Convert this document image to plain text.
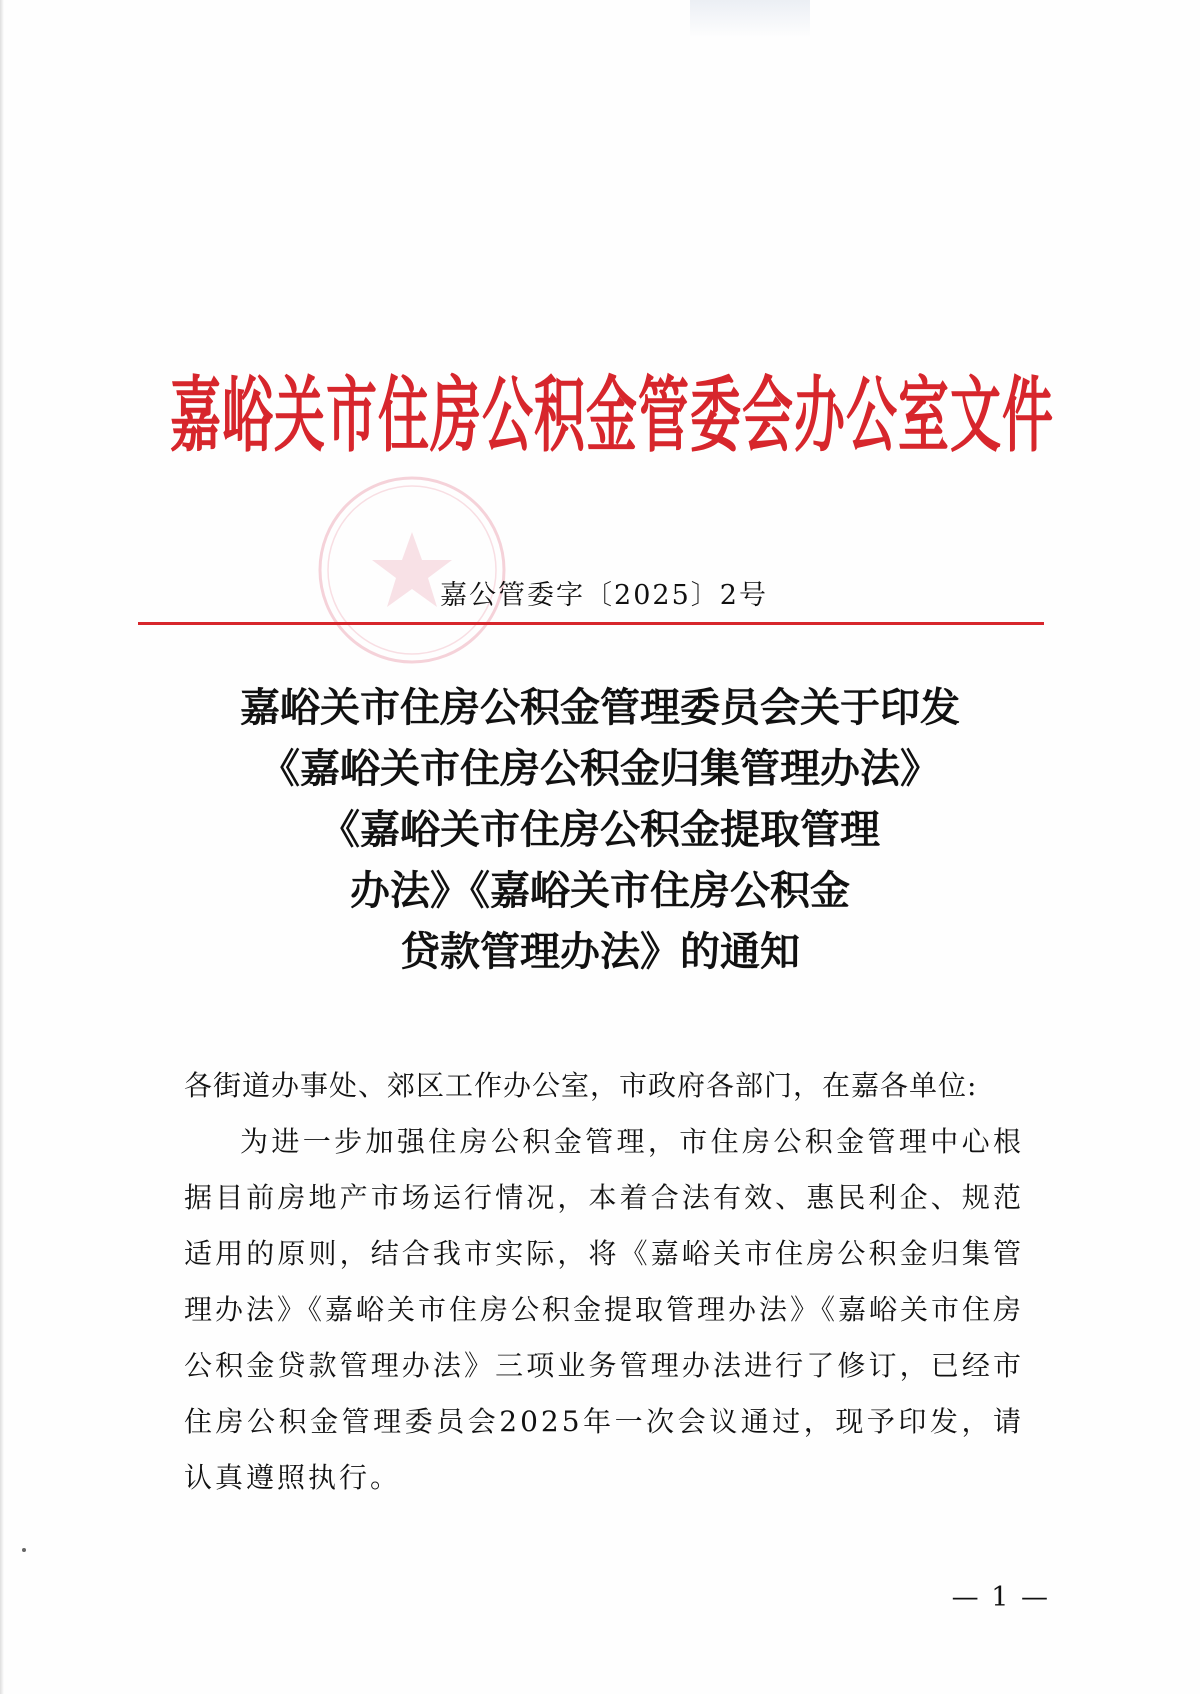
嘉峪关市住房公积金管委会办公室文件
嘉公管委字〔2025〕2号
嘉峪关市住房公积金管理委员会关于印发
《嘉峪关市住房公积金归集管理办法》
《嘉峪关市住房公积金提取管理
办法》《嘉峪关市住房公积金
贷款管理办法》的通知
各街道办事处、郊区工作办公室，市政府各部门，在嘉各单位:
为进一步加强住房公积金管理，市住房公积金管理中心根据目前房地产市场运行情况，本着合法有效、惠民利企、规范适用的原则，结合我市实际，将《嘉峪关市住房公积金归集管理办法》《嘉峪关市住房公积金提取管理办法》《嘉峪关市住房公积金贷款管理办法》三项业务管理办法进行了修订，已经市住房公积金管理委员会2025年一次会议通过，现予印发，请认真遵照执行。
— 1 —
